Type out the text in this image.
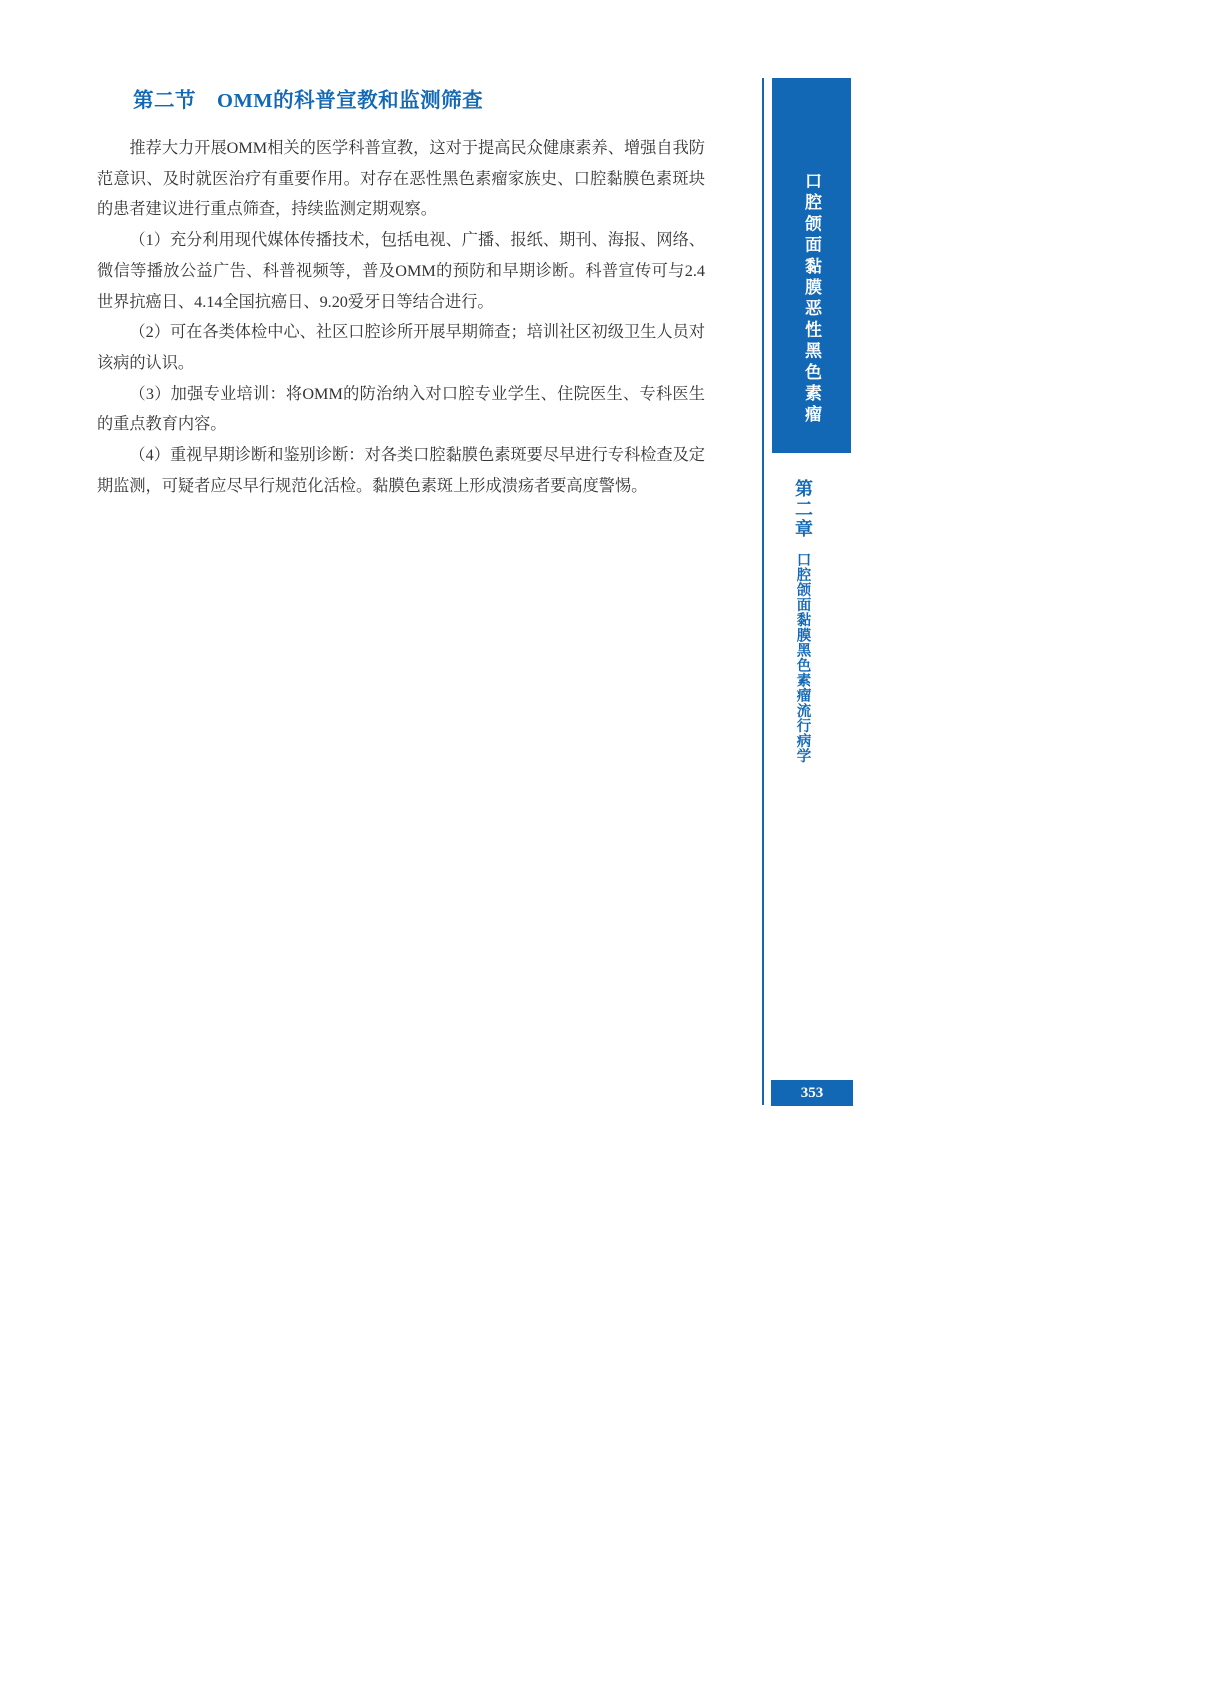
第二节　OMM的科普宣教和监测筛查

推荐大力开展OMM相关的医学科普宣教，这对于提高民众健康素养、增强自我防范意识、及时就医治疗有重要作用。对存在恶性黑色素瘤家族史、口腔黏膜色素斑块的患者建议进行重点筛查，持续监测定期观察。

（1）充分利用现代媒体传播技术，包括电视、广播、报纸、期刊、海报、网络、微信等播放公益广告、科普视频等，普及OMM的预防和早期诊断。科普宣传可与2.4世界抗癌日、4.14全国抗癌日、9.20爱牙日等结合进行。

（2）可在各类体检中心、社区口腔诊所开展早期筛查；培训社区初级卫生人员对该病的认识。

（3）加强专业培训：将OMM的防治纳入对口腔专业学生、住院医生、专科医生的重点教育内容。

（4）重视早期诊断和鉴别诊断：对各类口腔黏膜色素斑要尽早进行专科检查及定期监测，可疑者应尽早行规范化活检。黏膜色素斑上形成溃疡者要高度警惕。

口腔颌面黏膜恶性黑色素瘤
第二章
口腔颌面黏膜黑色素瘤流行病学
353
